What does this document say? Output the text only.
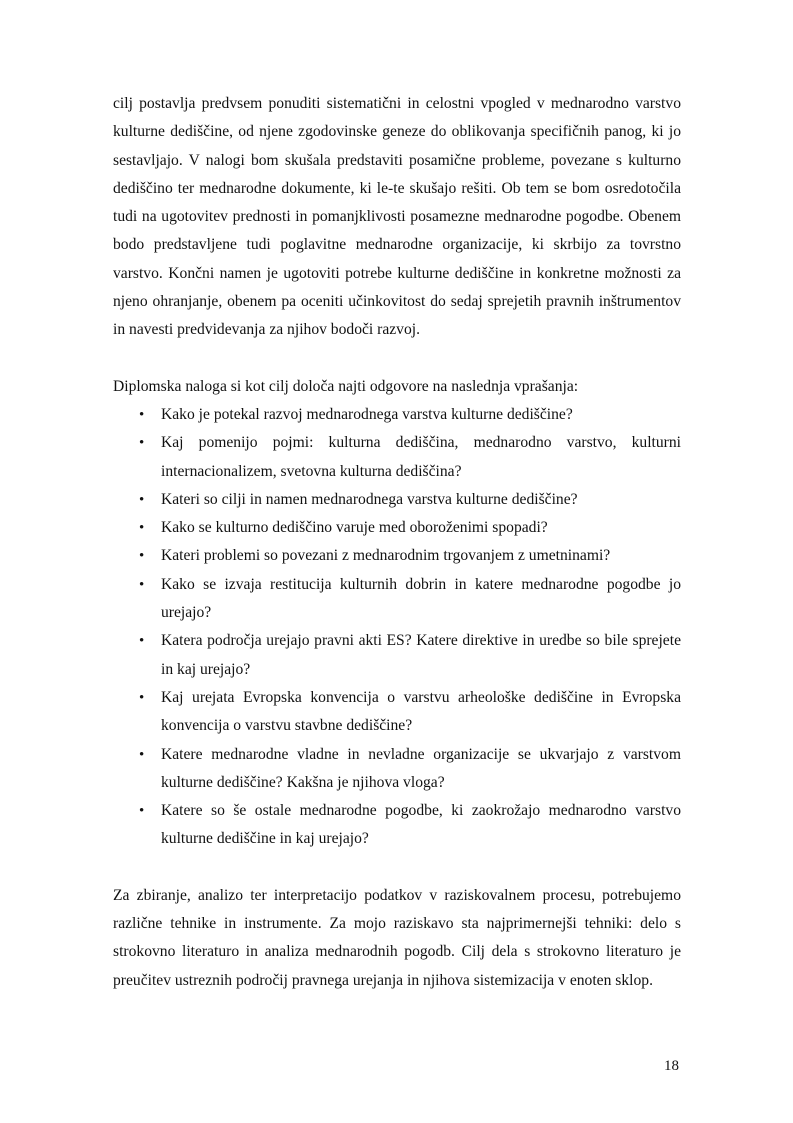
cilj postavlja predvsem ponuditi sistematični in celostni vpogled v mednarodno varstvo kulturne dediščine, od njene zgodovinske geneze do oblikovanja specifičnih panog, ki jo sestavljajo. V nalogi bom skušala predstaviti posamične probleme, povezane s kulturno dediščino ter mednarodne dokumente, ki le-te skušajo rešiti. Ob tem se bom osredotočila tudi na ugotovitev prednosti in pomanjklivosti posamezne mednarodne pogodbe. Obenem bodo predstavljene tudi poglavitne mednarodne organizacije, ki skrbijo za tovrstno varstvo. Končni namen je ugotoviti potrebe kulturne dediščine in konkretne možnosti za njeno ohranjanje, obenem pa oceniti učinkovitost do sedaj sprejetih pravnih inštrumentov in navesti predvidevanja za njihov bodoči razvoj.

Diplomska naloga si kot cilj določa najti odgovore na naslednja vprašanja:

• Kako je potekal razvoj mednarodnega varstva kulturne dediščine?
• Kaj pomenijo pojmi: kulturna dediščina, mednarodno varstvo, kulturni internacionalizem, svetovna kulturna dediščina?
• Kateri so cilji in namen mednarodnega varstva kulturne dediščine?
• Kako se kulturno dediščino varuje med oboroženimi spopadi?
• Kateri problemi so povezani z mednarodnim trgovanjem z umetninami?
• Kako se izvaja restitucija kulturnih dobrin in katere mednarodne pogodbe jo urejajo?
• Katera področja urejajo pravni akti ES? Katere direktive in uredbe so bile sprejete in kaj urejajo?
• Kaj urejata Evropska konvencija o varstvu arheološke dediščine in Evropska konvencija o varstvu stavbne dediščine?
• Katere mednarodne vladne in nevladne organizacije se ukvarjajo z varstvom kulturne dediščine? Kakšna je njihova vloga?
• Katere so še ostale mednarodne pogodbe, ki zaokrožajo mednarodno varstvo kulturne dediščine in kaj urejajo?

Za zbiranje, analizo ter interpretacijo podatkov v raziskovalnem procesu, potrebujemo različne tehnike in instrumente. Za mojo raziskavo sta najprimernejši tehniki: delo s strokovno literaturo in analiza mednarodnih pogodb. Cilj dela s strokovno literaturo je preučitev ustreznih področij pravnega urejanja in njihova sistemizacija v enoten sklop.

18
